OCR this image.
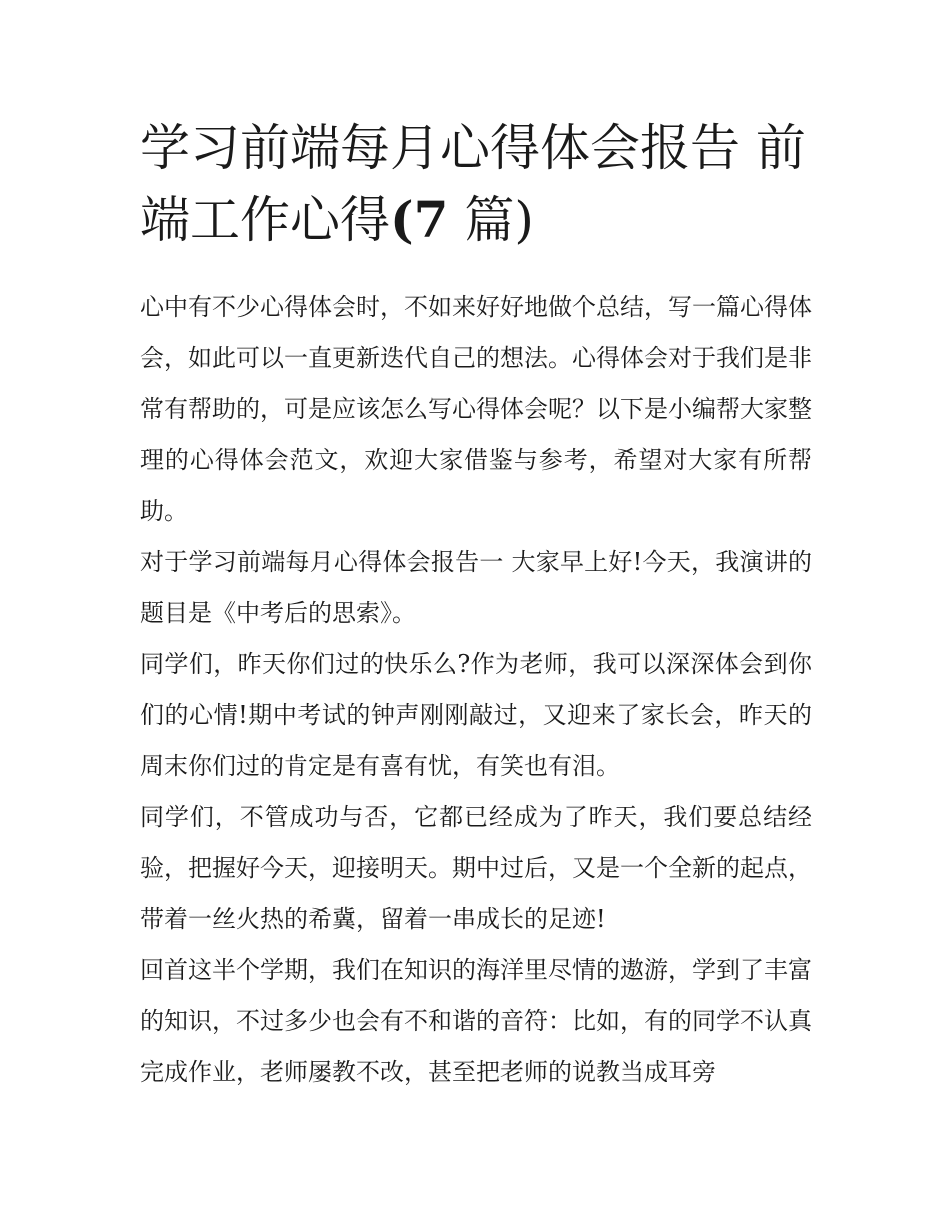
学习前端每月心得体会报告 前
端工作心得(7 篇)

心中有不少心得体会时，不如来好好地做个总结，写一篇心得体会，如此可以一直更新迭代自己的想法。心得体会对于我们是非常有帮助的，可是应该怎么写心得体会呢？以下是小编帮大家整理的心得体会范文，欢迎大家借鉴与参考，希望对大家有所帮助。

对于学习前端每月心得体会报告一 大家早上好!今天，我演讲的题目是《中考后的思索》。

同学们，昨天你们过的快乐么?作为老师，我可以深深体会到你们的心情!期中考试的钟声刚刚敲过，又迎来了家长会，昨天的周末你们过的肯定是有喜有忧，有笑也有泪。

同学们，不管成功与否，它都已经成为了昨天，我们要总结经验，把握好今天，迎接明天。期中过后，又是一个全新的起点，带着一丝火热的希冀，留着一串成长的足迹!

回首这半个学期，我们在知识的海洋里尽情的遨游，学到了丰富的知识，不过多少也会有不和谐的音符：比如，有的同学不认真完成作业，老师屡教不改，甚至把老师的说教当成耳旁
